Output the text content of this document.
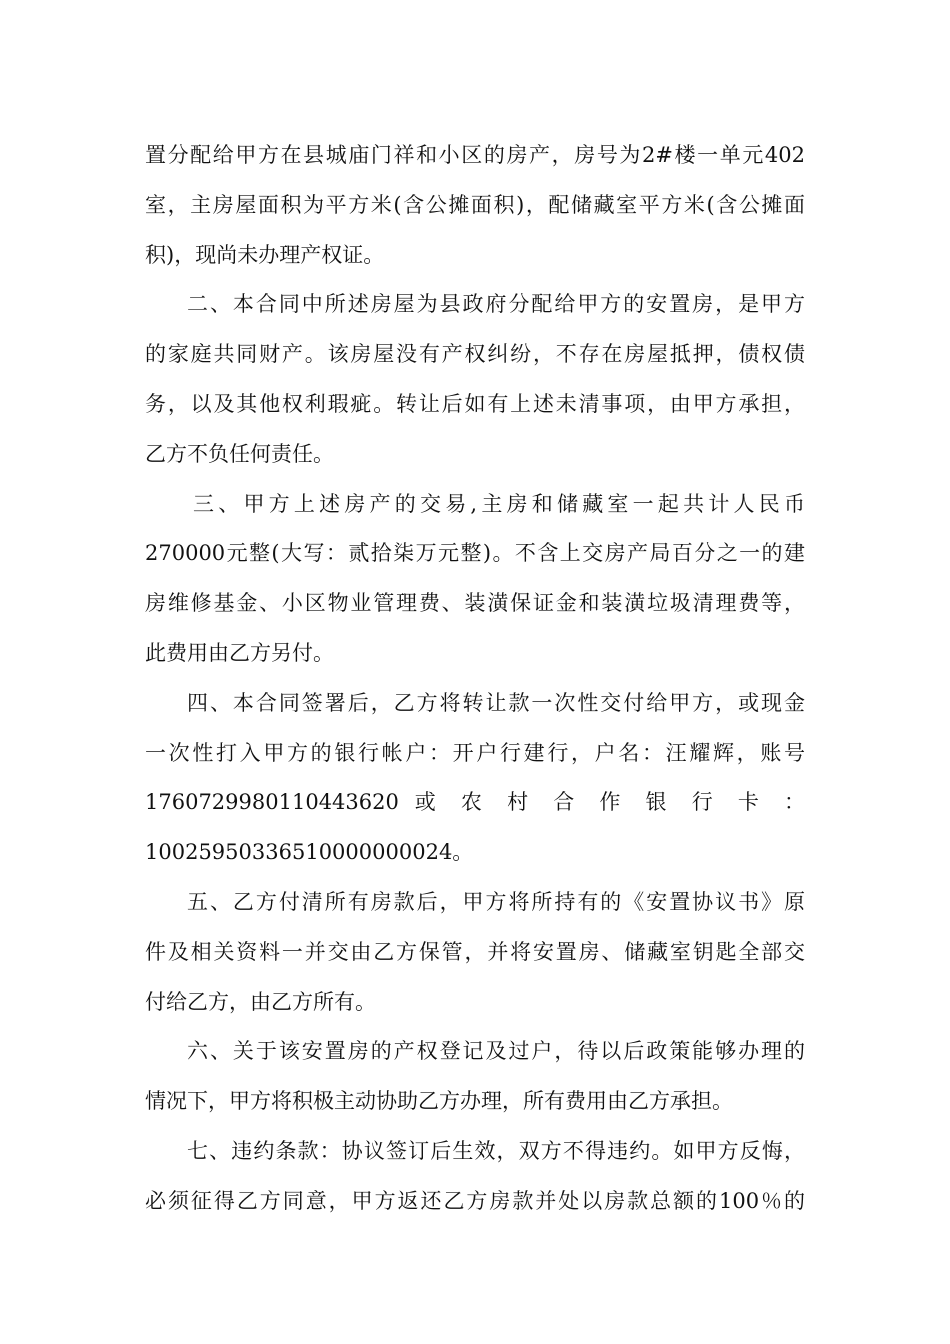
置分配给甲方在县城庙门祥和小区的房产，房号为2#楼一单元402
室，主房屋面积为平方米(含公摊面积)，配储藏室平方米(含公摊面
积)，现尚未办理产权证。
二、本合同中所述房屋为县政府分配给甲方的安置房，是甲方
的家庭共同财产。该房屋没有产权纠纷，不存在房屋抵押，债权债
务，以及其他权利瑕疵。转让后如有上述未清事项，由甲方承担，
乙方不负任何责任。
三、甲方上述房产的交易,主房和储藏室一起共计人民币
270000元整(大写：贰拾柒万元整)。不含上交房产局百分之一的建
房维修基金、小区物业管理费、装潢保证金和装潢垃圾清理费等，
此费用由乙方另付。
四、本合同签署后，乙方将转让款一次性交付给甲方，或现金
一次性打入甲方的银行帐户：开户行建行，户名：汪耀辉，账号
1760729980110443620 或 农 村 合 作 银 行 卡 ：
10025950336510000000024。
五、乙方付清所有房款后，甲方将所持有的《安置协议书》原
件及相关资料一并交由乙方保管，并将安置房、储藏室钥匙全部交
付给乙方，由乙方所有。
六、关于该安置房的产权登记及过户，待以后政策能够办理的
情况下，甲方将积极主动协助乙方办理，所有费用由乙方承担。
七、违约条款：协议签订后生效，双方不得违约。如甲方反悔，
必须征得乙方同意，甲方返还乙方房款并处以房款总额的100％的
